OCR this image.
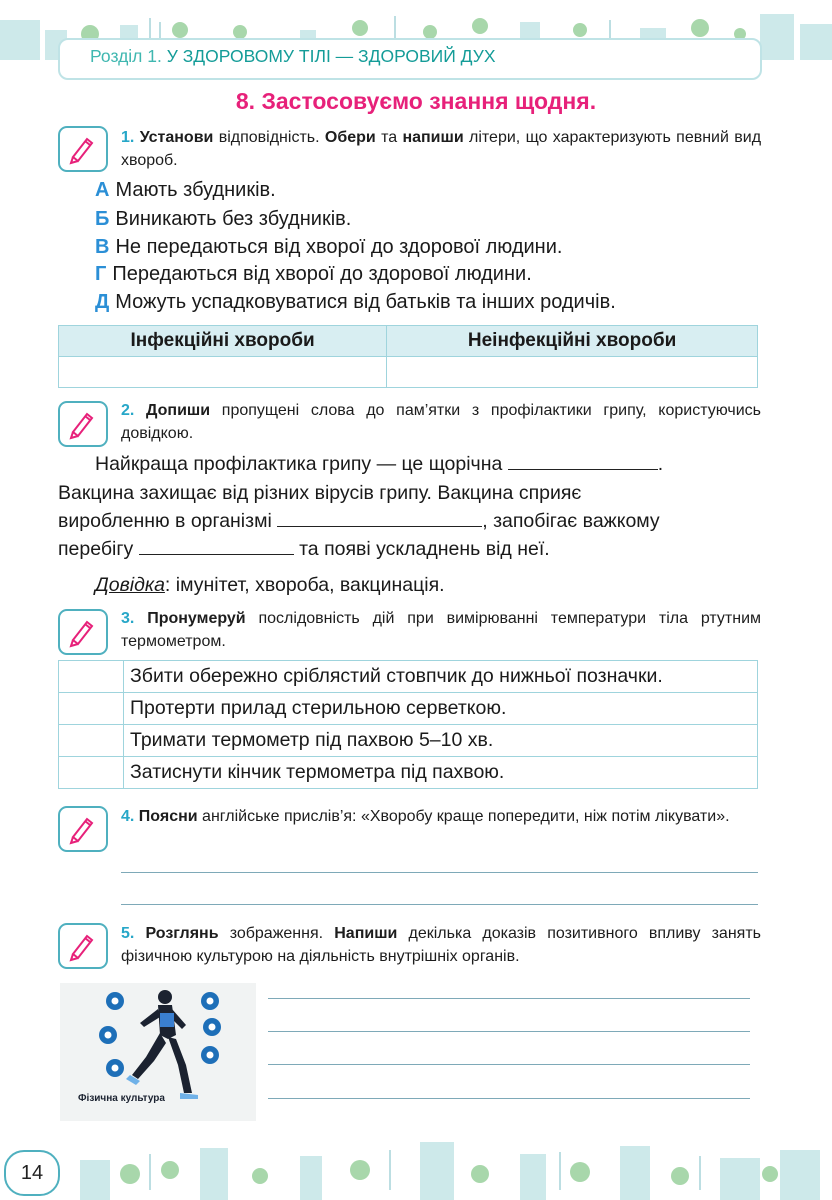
Розділ 1. У ЗДОРОВОМУ ТІЛІ — ЗДОРОВИЙ ДУХ
8. Застосовуємо знання щодня.
1. Установи відповідність. Обери та напиши літери, що характеризують певний вид хвороб.
А Мають збудників.
Б Виникають без збудників.
В Не передаються від хворої до здорової людини.
Г Передаються від хворої до здорової людини.
Д Можуть успадковуватися від батьків та інших родичів.
Інфекційні хвороби	Неінфекційні хвороби

2. Допиши пропущені слова до пам’ятки з профілактики грипу, користуючись довідкою.
Найкраща профілактика грипу — це щорічна	.
Вакцина захищає від різних вірусів грипу. Вакцина сприяє
виробленню в організмі	, запобігає важкому
перебігу	та появі ускладнень від неї.
Довідка: імунітет, хвороба, вакцинація.
3. Пронумеруй послідовність дій при вимірюванні температури тіла ртутним термометром.
	Збити обережно сріблястий стовпчик до нижньої позначки.
	Протерти прилад стерильною серветкою.
	Тримати термометр під пахвою 5–10 хв.
	Затиснути кінчик термометра під пахвою.
4. Поясни англійське прислів’я: «Хворобу краще попередити, ніж потім лікувати».
5. Розглянь зображення. Напиши декілька доказів позитивного впливу занять фізичною культурою на діяльність внутрішніх органів.
Фізична культура
14
